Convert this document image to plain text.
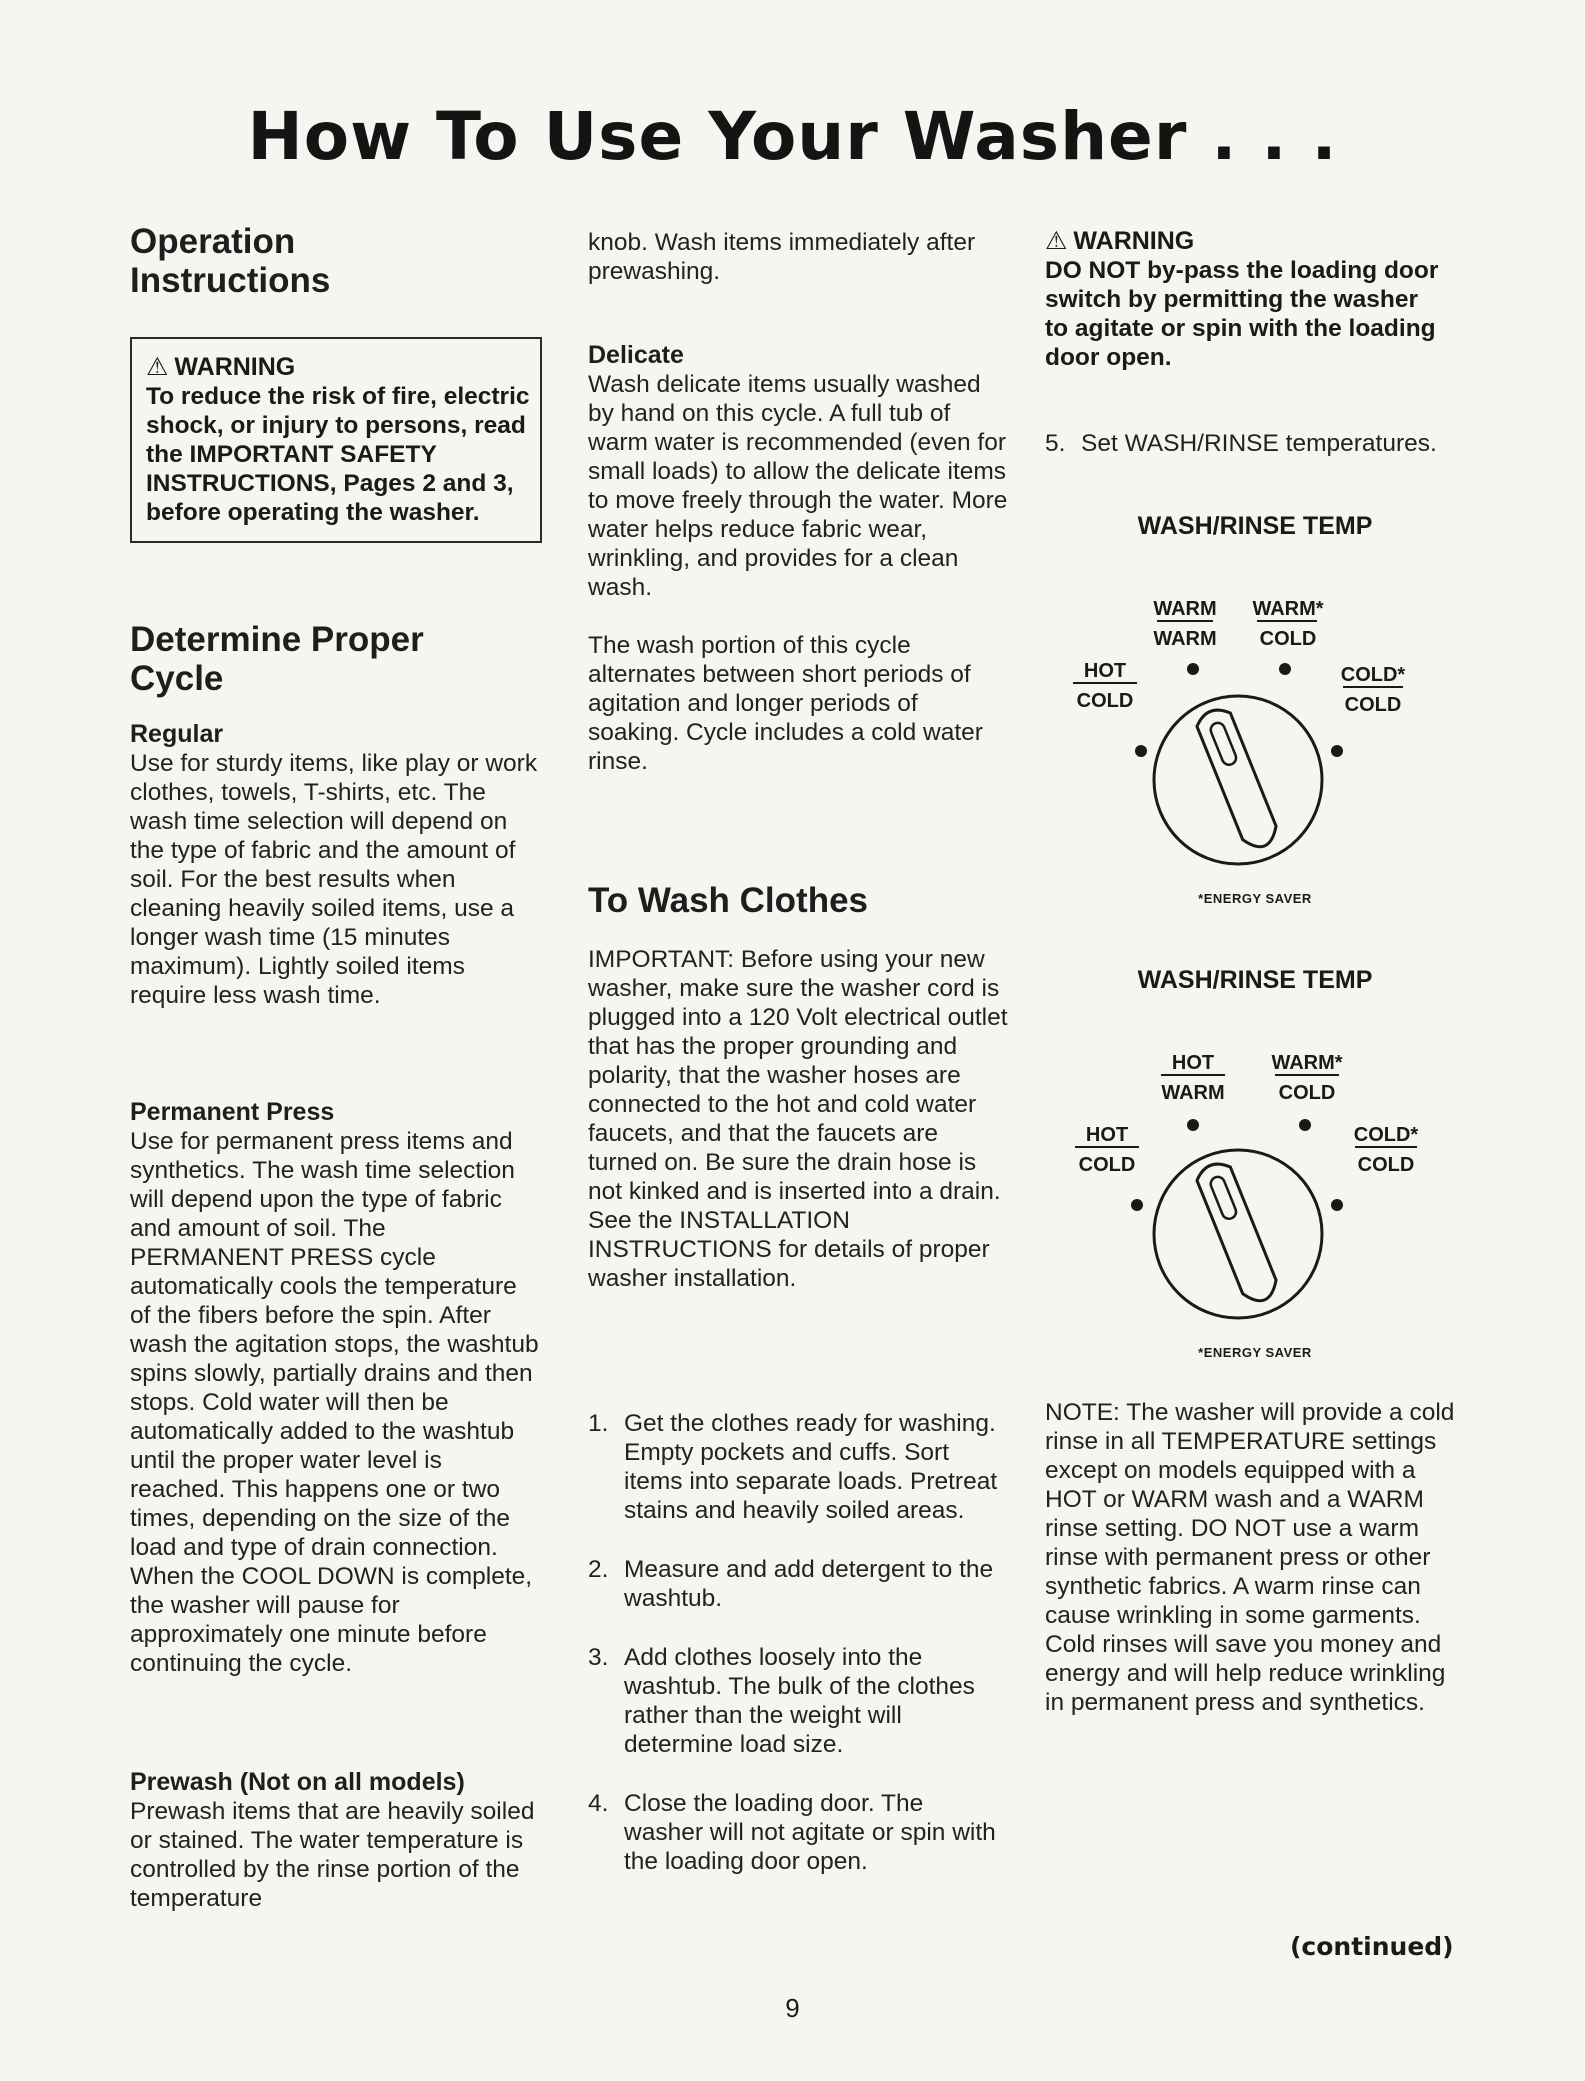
How To Use Your Washer . . .
Operation
Instructions
⚠ WARNING
To reduce the risk of fire, electric shock, or injury to persons, read the IMPORTANT SAFETY INSTRUCTIONS, Pages 2 and 3, before operating the washer.
Determine Proper
Cycle
Regular
Use for sturdy items, like play or work clothes, towels, T-shirts, etc. The wash time selection will depend on the type of fabric and the amount of soil. For the best results when cleaning heavily soiled items, use a longer wash time (15 minutes maximum). Lightly soiled items require less wash time.
Permanent Press
Use for permanent press items and synthetics. The wash time selection will depend upon the type of fabric and amount of soil. The PERMANENT PRESS cycle automatically cools the temperature of the fibers before the spin. After wash the agitation stops, the washtub spins slowly, partially drains and then stops. Cold water will then be automatically added to the washtub until the proper water level is reached. This happens one or two times, depending on the size of the load and type of drain connection. When the COOL DOWN is complete, the washer will pause for approximately one minute before continuing the cycle.
Prewash (Not on all models)
Prewash items that are heavily soiled or stained. The water temperature is controlled by the rinse portion of the temperature
knob. Wash items immediately after prewashing.
Delicate
Wash delicate items usually washed by hand on this cycle. A full tub of warm water is recommended (even for small loads) to allow the delicate items to move freely through the water. More water helps reduce fabric wear, wrinkling, and provides for a clean wash.
The wash portion of this cycle alternates between short periods of agitation and longer periods of soaking. Cycle includes a cold water rinse.
To Wash Clothes
IMPORTANT: Before using your new washer, make sure the washer cord is plugged into a 120 Volt electrical outlet that has the proper grounding and polarity, that the washer hoses are connected to the hot and cold water faucets, and that the faucets are turned on. Be sure the drain hose is not kinked and is inserted into a drain. See the INSTALLATION INSTRUCTIONS for details of proper washer installation.
1. Get the clothes ready for washing. Empty pockets and cuffs. Sort items into separate loads. Pretreat stains and heavily soiled areas.
2. Measure and add detergent to the washtub.
3. Add clothes loosely into the washtub. The bulk of the clothes rather than the weight will determine load size.
4. Close the loading door. The washer will not agitate or spin with the loading door open.
⚠ WARNING
DO NOT by-pass the loading door switch by permitting the washer to agitate or spin with the loading door open.
5. Set WASH/RINSE temperatures.
WASH/RINSE TEMP
WARM
WARM
WARM*
COLD
HOT
COLD
COLD*
COLD
*ENERGY SAVER
WASH/RINSE TEMP
HOT
WARM
WARM*
COLD
HOT
COLD
COLD*
COLD
*ENERGY SAVER
NOTE: The washer will provide a cold rinse in all TEMPERATURE settings except on models equipped with a HOT or WARM wash and a WARM rinse setting. DO NOT use a warm rinse with permanent press or other synthetic fabrics. A warm rinse can cause wrinkling in some garments. Cold rinses will save you money and energy and will help reduce wrinkling in permanent press and synthetics.
(continued)
9
